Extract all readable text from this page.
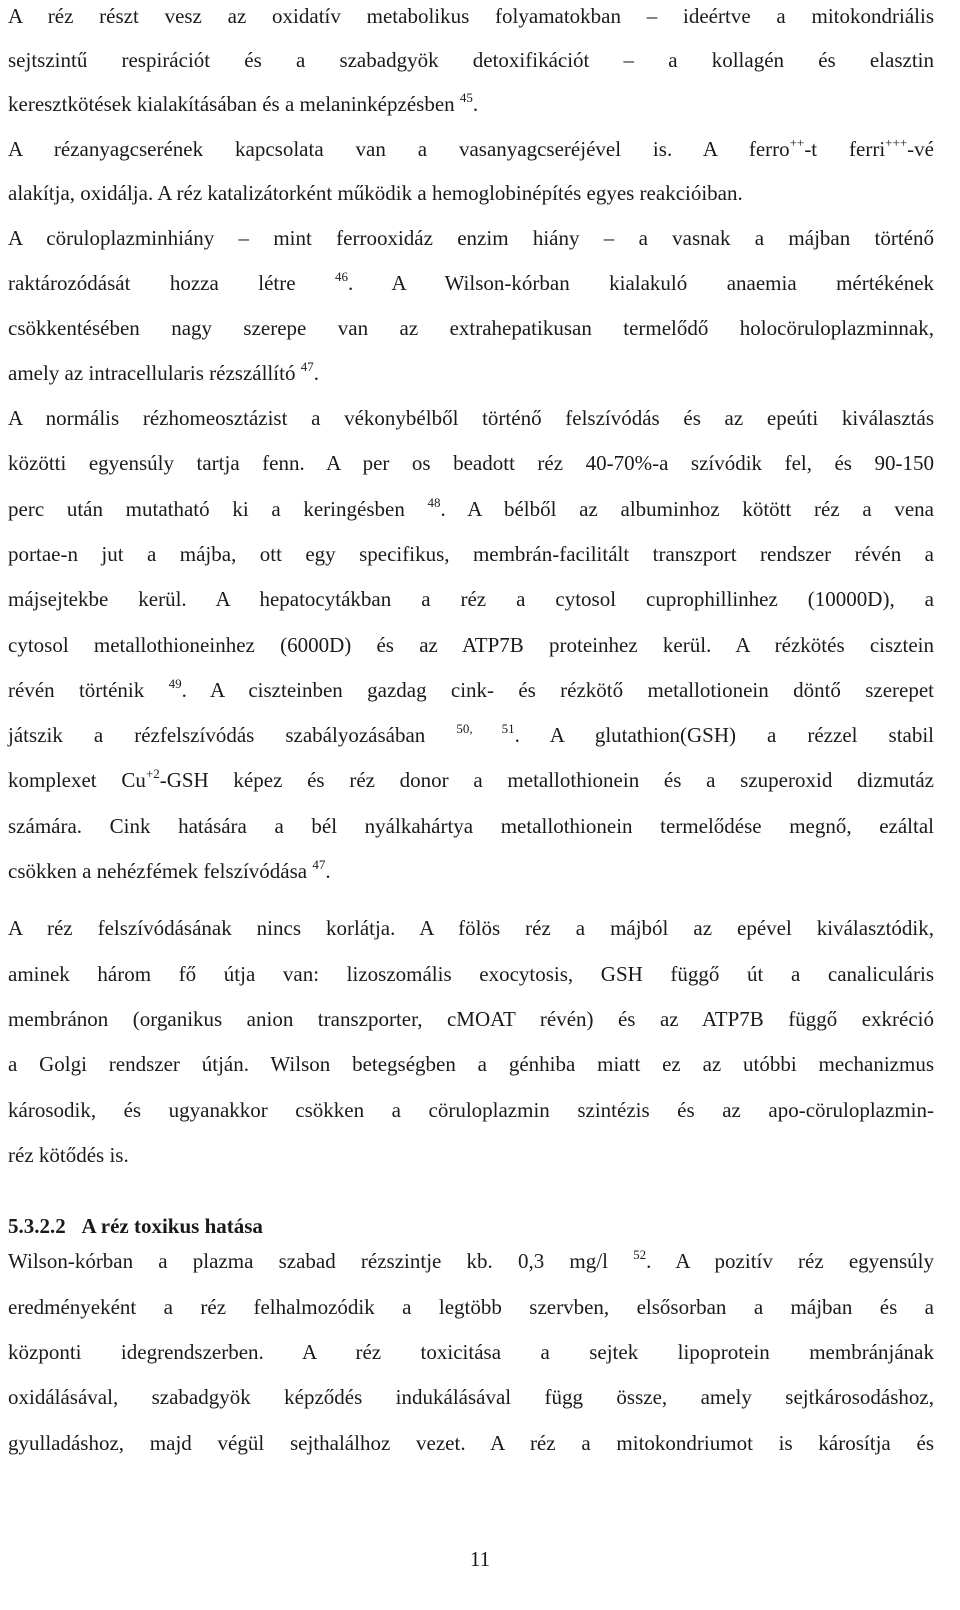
A réz részt vesz az oxidatív metabolikus folyamatokban – ideértve a mitokondriális
sejtszintű respirációt és a szabadgyök detoxifikációt – a kollagén és elasztin
keresztkötések kialakításában és a melaninképzésben $^{45}$.
A rézanyagcserének kapcsolata van a vasanyagcseréjével is. A ferro++-t ferri+++-vé
alakítja, oxidálja. A réz katalizátorként működik a hemoglobinépítés egyes reakcióiban.
A cöruloplazminhiány – mint ferrooxidáz enzim hiány – a vasnak a májban történő
raktározódását hozza létre	$^{46}$. A Wilson-kórban kialakuló anaemia mértékének
csökkentésében nagy szerepe van az extrahepatikusan termelődő holocöruloplazminnak,
amely az intracellularis rézszállító $^{47}$.
A normális rézhomeosztázist a vékonybélből történő felszívódás és az epeúti kiválasztás
közötti egyensúly tartja fenn. A per os beadott réz 40-70%-a szívódik fel, és 90-150
perc után mutatható ki a keringésben $^{48}$. A bélből az albuminhoz kötött réz a vena
portae-n jut a májba, ott egy specifikus, membrán-facilitált transzport rendszer révén a
májsejtekbe kerül. A hepatocytákban a réz a cytosol cuprophillinhez (10000D), a
cytosol metallothioneinhez (6000D) és az ATP7B proteinhez kerül. A rézkötés cisztein
révén történik $^{49}$. A ciszteinben gazdag cink- és rézkötő metallotionein döntő szerepet
játszik a rézfelszívódás szabályozásában $^{50, 51}$. A glutathion(GSH) a rézzel stabil
komplexet $Cu^{+2}$-GSH képez és réz donor a metallothionein és a szuperoxid dizmutáz
számára. Cink hatására a bél nyálkahártya metallothionein termelődése megnő, ezáltal
csökken a nehézfémek felszívódása $^{47}$.
A réz felszívódásának nincs korlátja. A fölös réz a májból az epével kiválasztódik,
aminek három fő útja van: lizoszomális exocytosis, GSH függő út a canaliculáris
membránon (organikus anion transzporter, cMOAT révén) és az ATP7B függő exkréció
a Golgi rendszer útján. Wilson betegségben a génhiba miatt ez az utóbbi mechanizmus
károsodik, és ugyanakkor csökken a cöruloplazmin szintézis és az apo-cöruloplazmin-
réz kötődés is.
5.3.2.2 A réz toxikus hatása
Wilson-kórban a plazma szabad rézszintje kb. 0,3 mg/l $^{52}$. A pozitív réz egyensúly
eredményeként a réz felhalmozódik a legtöbb szervben, elsősorban a májban és a
központi idegrendszerben. A réz toxicitása a sejtek lipoprotein membránjának
oxidálásával, szabadgyök képződés indukálásával függ össze, amely sejtkárosodáshoz,
gyulladáshoz, majd végül sejthalálhoz vezet. A réz a mitokondriumot is károsítja és
11
